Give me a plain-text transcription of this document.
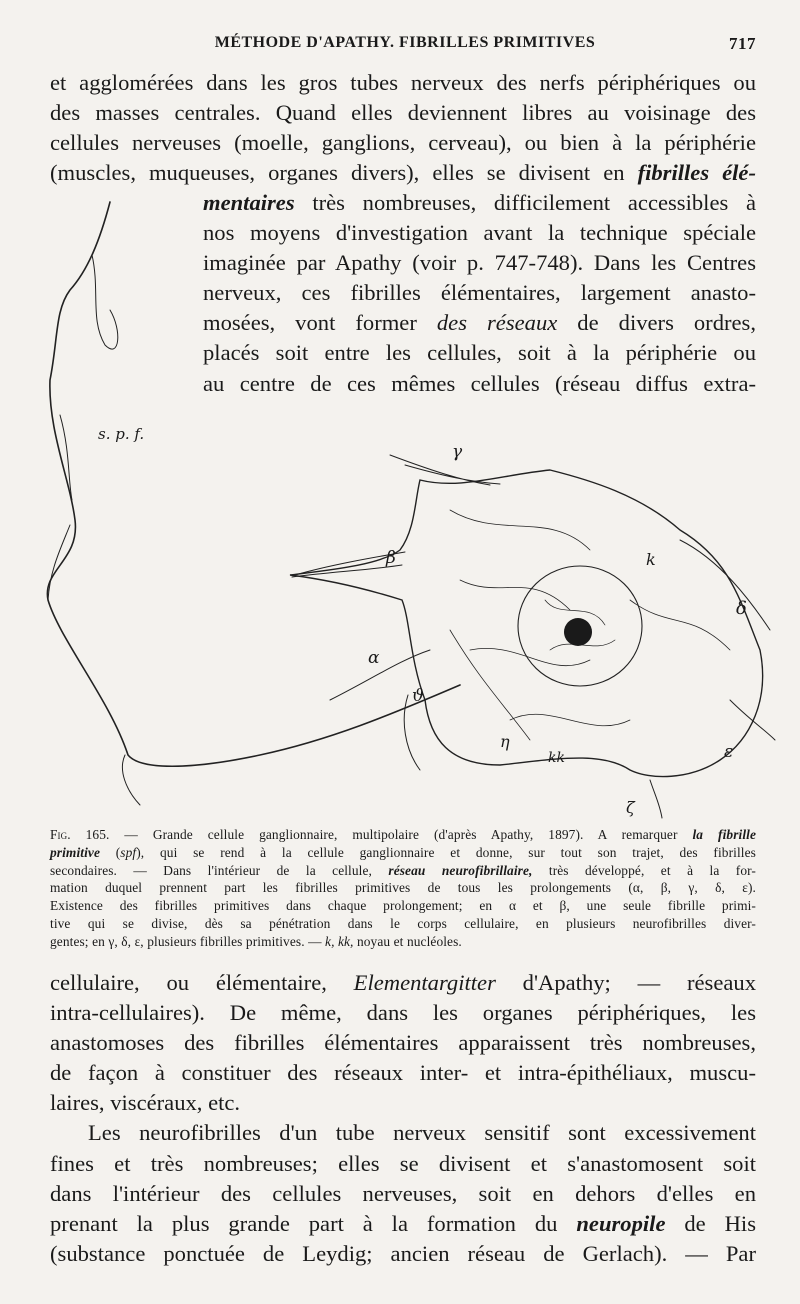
MÉTHODE D'APATHY. FIBRILLES PRIMITIVES	717
et agglomérées dans les gros tubes nerveux des nerfs périphériques ou
des masses centrales. Quand elles deviennent libres au voisinage des
cellules nerveuses (moelle, ganglions, cerveau), ou bien à la périphérie
(muscles, muqueuses, organes divers), elles se divisent en fibrilles élé-
mentaires très nombreuses, difficilement accessibles à
nos moyens d'investigation avant la technique spéciale
imaginée par Apathy (voir p. 747-748). Dans les Centres
nerveux, ces fibrilles élémentaires, largement anasto-
mosées, vont former des réseaux de divers ordres,
placés soit entre les cellules, soit à la périphérie ou
au centre de ces mêmes cellules (réseau diffus extra-
Fig. 165. — Grande cellule ganglionnaire, multipolaire (d'après Apathy, 1897). A remarquer la fibrille
primitive (spf), qui se rend à la cellule ganglionnaire et donne, sur tout son trajet, des fibrilles
secondaires. — Dans l'intérieur de la cellule, réseau neurofibrillaire, très développé, et à la for-
mation duquel prennent part les fibrilles primitives de tous les prolongements (α, β, γ, δ, ε).
Existence des fibrilles primitives dans chaque prolongement; en α et β, une seule fibrille primi-
tive qui se divise, dès sa pénétration dans le corps cellulaire, en plusieurs neurofibrilles diver-
gentes; en γ, δ, ε, plusieurs fibrilles primitives. — k, kk, noyau et nucléoles.
cellulaire, ou élémentaire, Elementargitter d'Apathy; — réseaux
intra-cellulaires). De même, dans les organes périphériques, les
anastomoses des fibrilles élémentaires apparaissent très nombreuses,
de façon à constituer des réseaux inter- et intra-épithéliaux, muscu-
laires, viscéraux, etc.
Les neurofibrilles d'un tube nerveux sensitif sont excessivement
fines et très nombreuses; elles se divisent et s'anastomosent soit
dans l'intérieur des cellules nerveuses, soit en dehors d'elles en
prenant la plus grande part à la formation du neuropile de His
(substance ponctuée de Leydig; ancien réseau de Gerlach). — Par
s. p. f.
γ
β
α
ϑ
η
k
kk
δ
ε
ζ
